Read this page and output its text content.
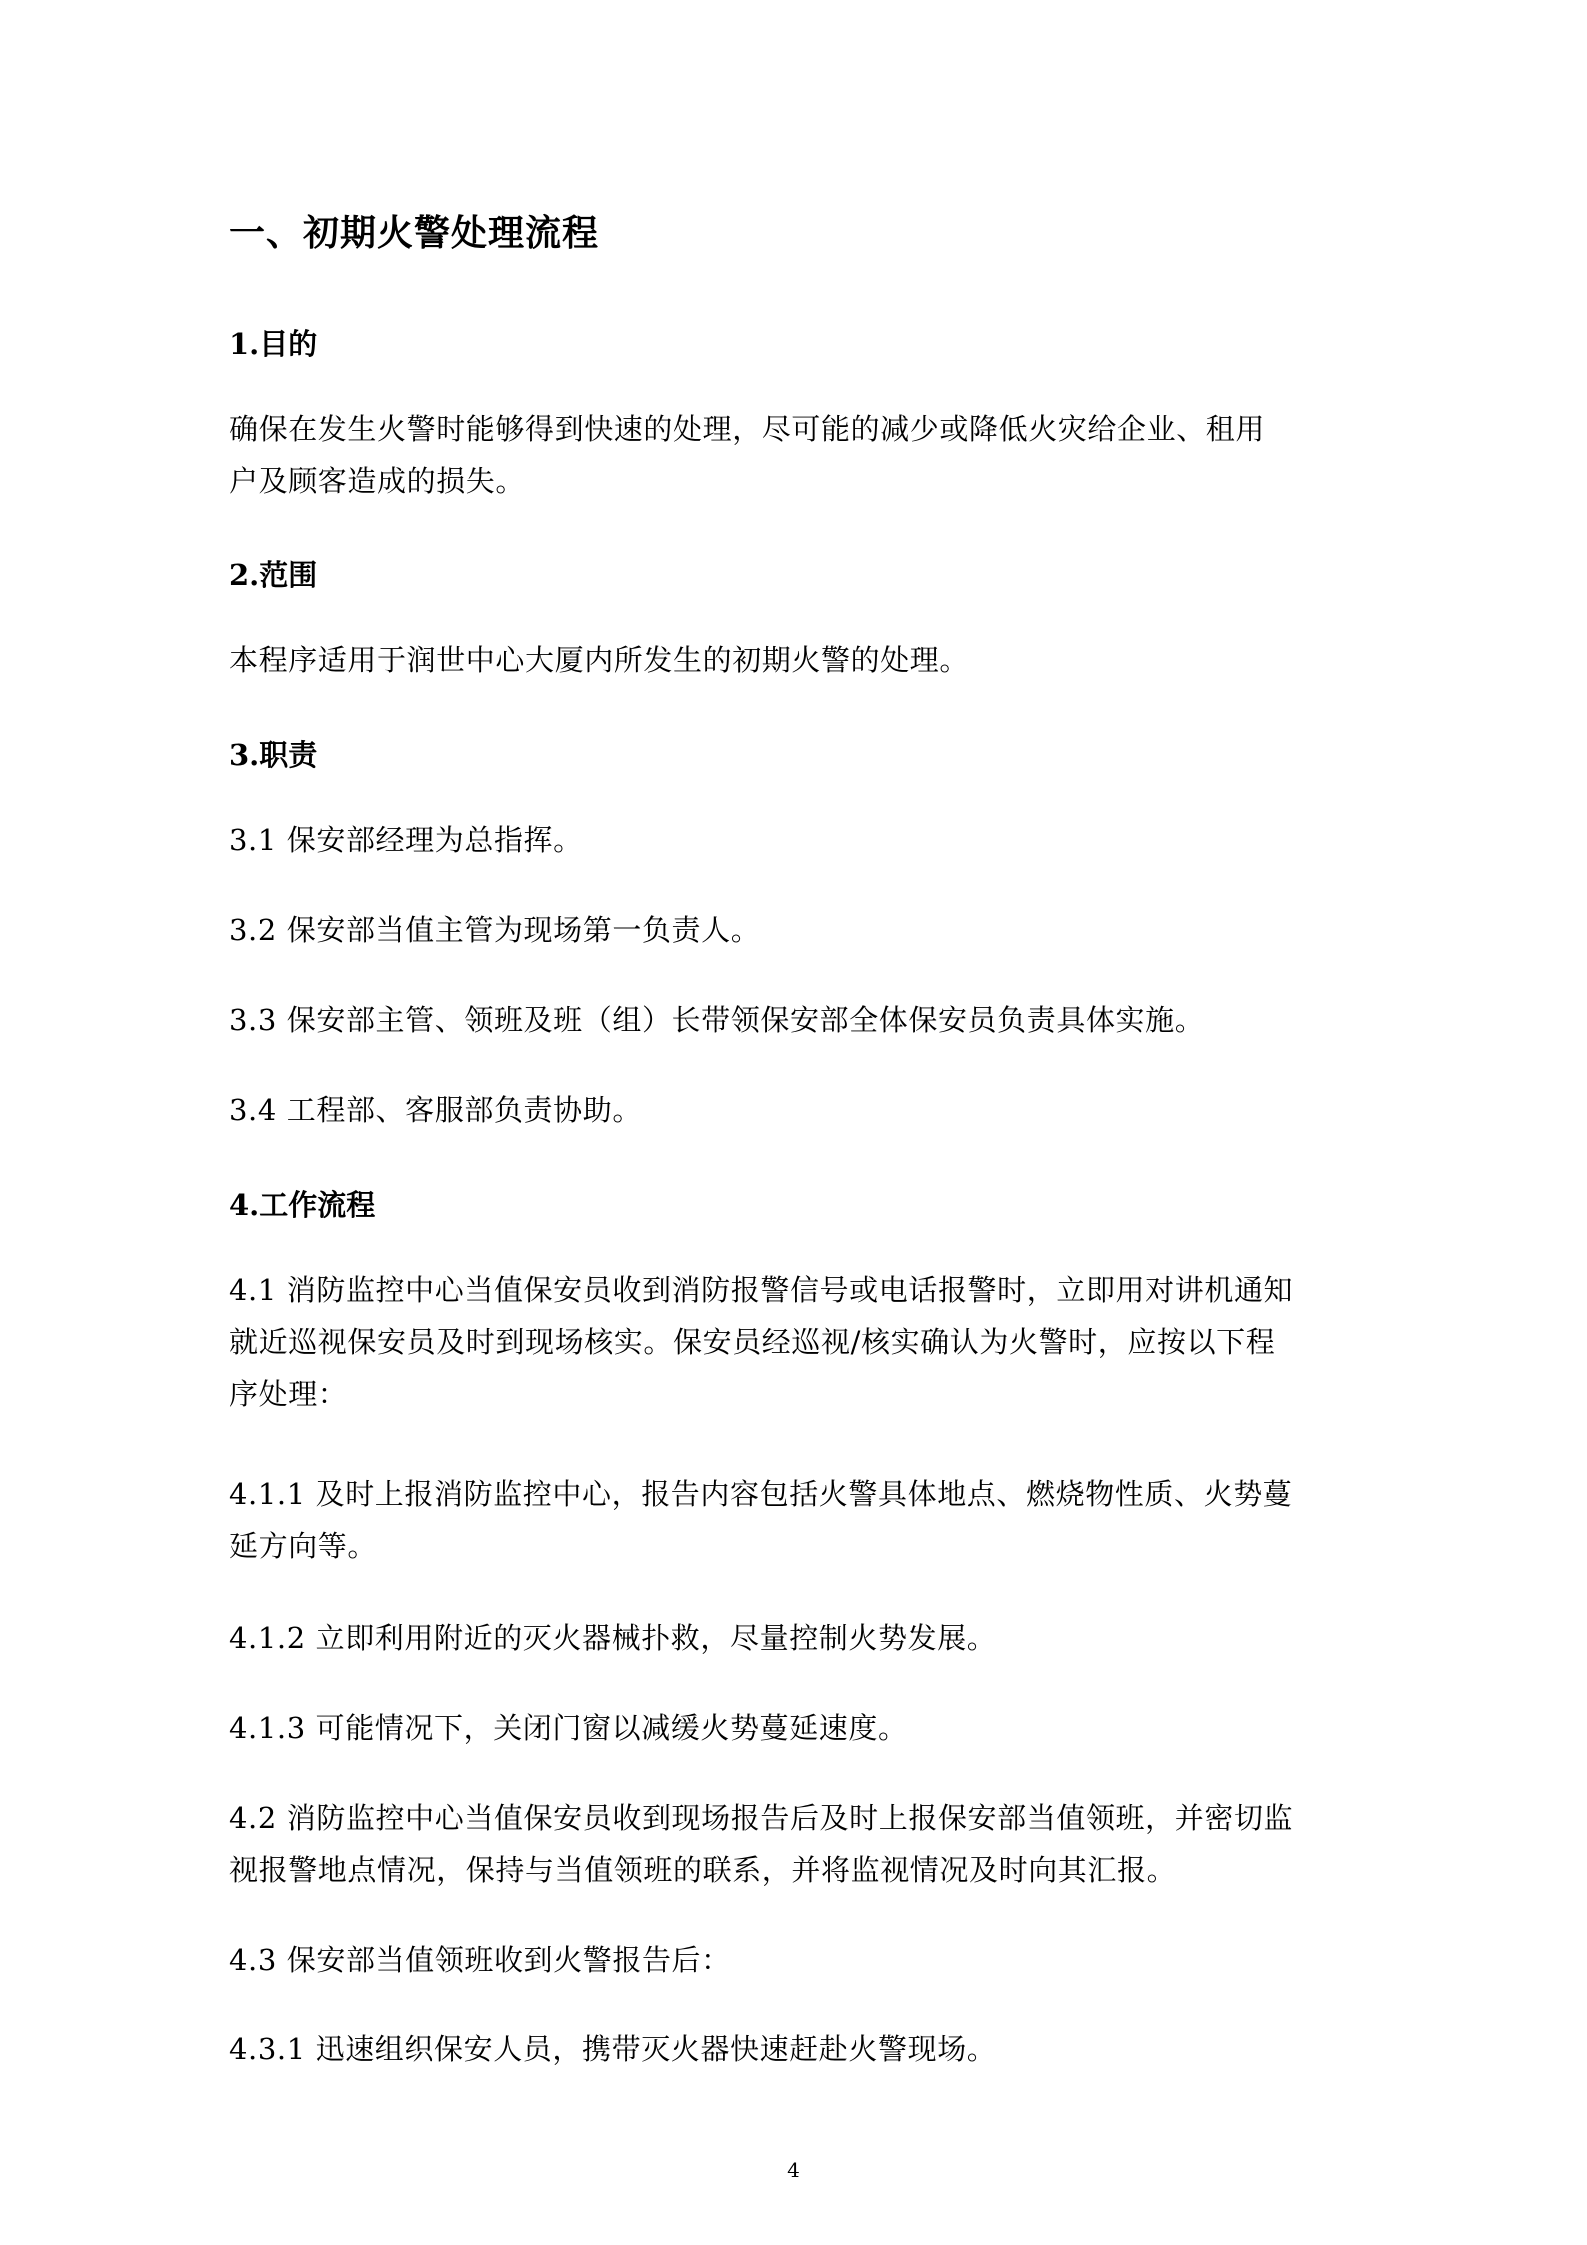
一、初期火警处理流程
1.目的
确保在发生火警时能够得到快速的处理，尽可能的减少或降低火灾给企业、租用
户及顾客造成的损失。
2.范围
本程序适用于润世中心大厦内所发生的初期火警的处理。
3.职责
3.1 保安部经理为总指挥。
3.2 保安部当值主管为现场第一负责人。
3.3 保安部主管、领班及班（组）长带领保安部全体保安员负责具体实施。
3.4 工程部、客服部负责协助。
4.工作流程
4.1 消防监控中心当值保安员收到消防报警信号或电话报警时，立即用对讲机通知
就近巡视保安员及时到现场核实。保安员经巡视/核实确认为火警时，应按以下程
序处理：
4.1.1 及时上报消防监控中心，报告内容包括火警具体地点、燃烧物性质、火势蔓
延方向等。
4.1.2 立即利用附近的灭火器械扑救，尽量控制火势发展。
4.1.3 可能情况下，关闭门窗以减缓火势蔓延速度。
4.2 消防监控中心当值保安员收到现场报告后及时上报保安部当值领班，并密切监
视报警地点情况，保持与当值领班的联系，并将监视情况及时向其汇报。
4.3 保安部当值领班收到火警报告后：
4.3.1 迅速组织保安人员，携带灭火器快速赶赴火警现场。
4
